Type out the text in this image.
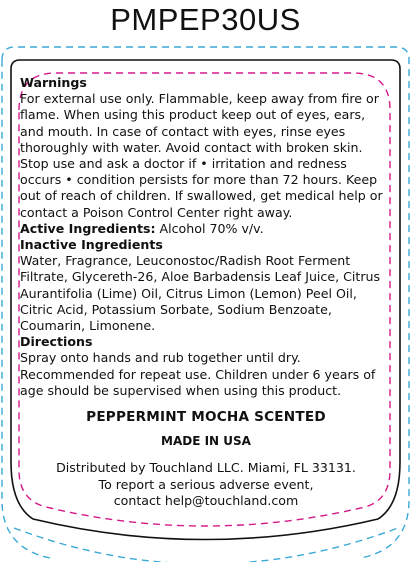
PMPEP30US
Warnings

For external use only. Flammable, keep away from fire or flame. When using this product keep out of eyes, ears, and mouth. In case of contact with eyes, rinse eyes thoroughly with water. Avoid contact with broken skin. Stop use and ask a doctor if • irritation and redness occurs • condition persists for more than 72 hours. Keep out of reach of children. If swallowed, get medical help or contact a Poison Control Center right away.

Active Ingredients: Alcohol 70% v/v.
Inactive Ingredients

Water, Fragrance, Leuconostoc/Radish Root Ferment Filtrate, Glycereth-26, Aloe Barbadensis Leaf Juice, Citrus Aurantifolia (Lime) Oil, Citrus Limon (Lemon) Peel Oil, Citric Acid, Potassium Sorbate, Sodium Benzoate, Coumarin, Limonene.

Directions

Spray onto hands and rub together until dry. Recommended for repeat use. Children under 6 years of age should be supervised when using this product.

PEPPERMINT MOCHA SCENTED
MADE IN USA
Distributed by Touchland LLC. Miami, FL 33131.
To report a serious adverse event,
contact help@touchland.com
